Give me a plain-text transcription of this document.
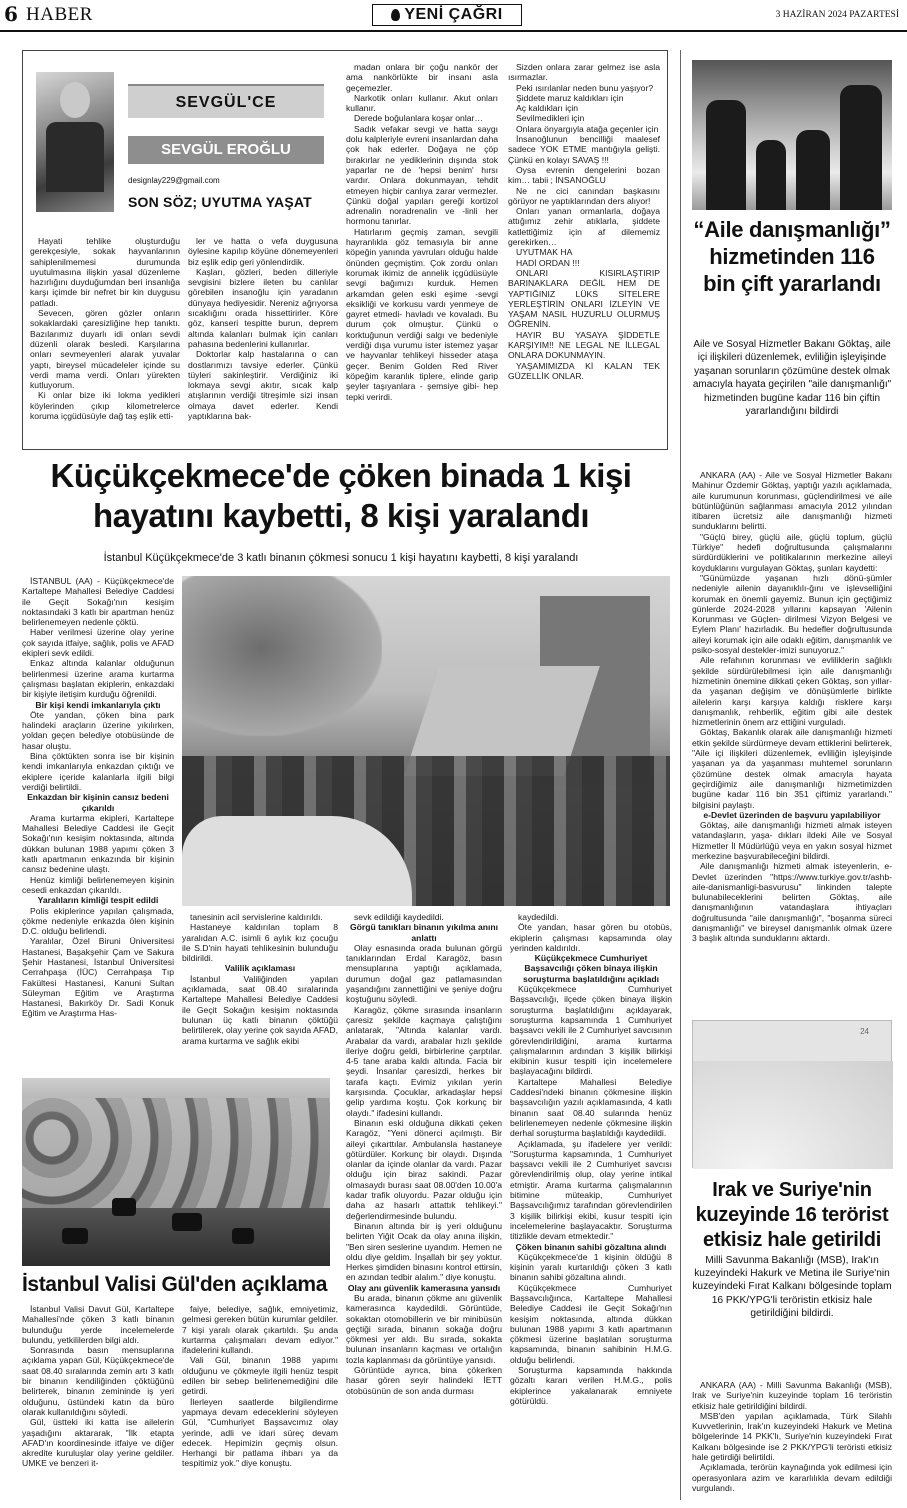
6 HABER	YENİ ÇAĞRI	3 HAZİRAN 2024 PAZARTESİ
SEVGÜL'CE
SEVGÜL EROĞLU
designlay229@gmail.com
SON SÖZ; UYUTMA YAŞAT

Hayati tehlike oluşturduğu gerekçesiyle, sokak hayvanlarının sahiplenilmemesi durumunda uyutulmasına ilişkin yasal düzenleme hazırlığını duyduğumdan beri insanlığa karşı içimde bir nefret bir kin duygusu patladı.

Sevecen, gören gözler onların sokaklardaki çaresizliğine hep tanıktı. Bazılarımız duyarlı idi onları sevdi düzenli olarak besledi. Karşılarına onları sevmeyenleri alarak yuvalar yaptı, bireysel mücadeleler içinde su verdi mama verdi. Onları yürekten kutluyorum.

Ki onlar bize iki lokma yedikleri köylerinden çıkıp kilometrelerce koruma içgüdüsüyle dağ taş eşlik etti-

ler ve hatta o vefa duygusuna öylesine kapılıp köyüne dönemeyenleri biz eşlik edip geri yönlendirdik.

Kaşları, gözleri, beden dilleriyle sevgisini bizlere ileten bu canlılar görebilen insanoğlu için yaradanın dünyaya hediyesidir. Nereniz ağrıyorsa sıcaklığını orada hissettirirler. Köre göz, kanseri tespitte burun, deprem altında kalanları bulmak için canları pahasına bedenlerini kullanırlar.

Doktorlar kalp hastalarına o can dostlarımızı tavsiye ederler. Çünkü tüyleri sakinleştirir. Verdiğiniz iki lokmaya sevgi akıtır, sıcak kalp atışlarının verdiği titreşimle sizi insan olmaya davet ederler. Kendi yaptıklarına bak-

madan onlara bir çoğu nankör der ama nankörlükte bir insanı asla geçemezler.

Narkotik onları kullanır. Akut onları kullanır.

Derede boğulanlara koşar onlar…

Sadık vefakar sevgi ve hatta saygı dolu kalpleriyle evreni insanlardan daha çok hak ederler. Doğaya ne çöp bırakırlar ne yediklerinin dışında stok yaparlar ne de 'hepsi benim' hırsı vardır. Onlara dokunmayan, tehdit etmeyen hiçbir canlıya zarar vermezler. Çünkü doğal yapıları gereği kortizol adrenalin noradrenalin ve -linli her hormonu tanırlar.

Hatırlarım geçmiş zaman, sevgili hayranlıkla göz temasıyla bir anne köpeğin yanında yavruları olduğu halde önünden geçmiştim. Çok zordu onları korumak ikimiz de annelik içgüdüsüyle sevgi bağımızı kurduk. Hemen arkamdan gelen eski eşime -sevgi eksikliği ve korkusu vardı yenmeye de gayret etmedi- havladı ve kovaladı. Bu durum çok olmuştur. Çünkü o korktuğunun verdiği salgı ve bedeniyle verdiği dışa vurumu ister istemez yaşar ve hayvanlar tehlikeyi hisseder ataşa geçer. Benim Golden Red River köpeğim karanlık tiplere, elinde garip şeyler taşıyanlara - şemsiye gibi- hep tepki verirdi.

Sizden onlara zarar gelmez ise asla ısırmazlar.

Peki ısırılanlar neden bunu yaşıyor?

Şiddete maruz kaldıkları için

Aç kaldıkları için

Sevilmedikleri için

Onlara önyargıyla atağa geçenler için

İnsanoğlunun bencilliği maalesef sadece YOK ETME mantığıyla gelişti. Çünkü en kolayı SAVAŞ !!!

Oysa evrenin dengelerini bozan kim… tabii ; İNSANOĞLU

Ne ne cici canından başkasını görüyor ne yaptıklarından ders alıyor!

Onları yanan ormanlarla, doğaya attığımız zehir atıklarla, şiddete katlettiğimiz için af dilememiz gerekirken…

UYUTMAK HA

HADİ ORDAN !!!

ONLARI KISIRLAŞTIRIP BARINAKLARA DEĞİL HEM DE YAPTIĞINIZ LÜKS SİTELERE YERLEŞTİRİN ONLARI İZLEYİN VE YAŞAM NASIL HUZURLU OLURMUŞ ÖĞRENİN.

HAYIR BU YASAYA ŞİDDETLE KARŞIYIM!! NE LEGAL NE İLLEGAL ONLARA DOKUNMAYIN.

YAŞAMIMIZDA Kİ KALAN TEK GÜZELLİK ONLAR.

Küçükçekmece'de çöken binada 1 kişi hayatını kaybetti, 8 kişi yaralandı
İstanbul Küçükçekmece'de 3 katlı binanın çökmesi sonucu 1 kişi hayatını kaybetti, 8 kişi yaralandı

İSTANBUL (AA) - Küçükçekmece'de Kartaltepe Mahallesi Belediye Caddesi ile Geçit Sokağı'nın kesişim noktasındaki 3 katlı bir apartman henüz belirlenemeyen nedenle çöktü.

Haber verilmesi üzerine olay yerine çok sayıda itfaiye, sağlık, polis ve AFAD ekipleri sevk edildi.

Enkaz altında kalanlar olduğunun belirlenmesi üzerine arama kurtarma çalışması başlatan ekiplerin, enkazdaki bir kişiyle iletişim kurduğu öğrenildi.

Bir kişi kendi imkanlarıyla çıktı

Öte yandan, çöken bina park halindeki araçların üzerine yıkılırken, yoldan geçen belediye otobüsünde de hasar oluştu.

Bina çöktükten sonra ise bir kişinin kendi imkanlarıyla enkazdan çıktığı ve ekiplere içeride kalanlarla ilgili bilgi verdiği belirtildi.

Enkazdan bir kişinin cansız bedeni çıkarıldı

Arama kurtarma ekipleri, Kartaltepe Mahallesi Belediye Caddesi ile Geçit Sokağı'nın kesişim noktasında, altında dükkan bulunan 1988 yapımı çöken 3 katlı apartmanın enkazında bir kişinin cansız bedenine ulaştı.

Henüz kimliği belirlenemeyen kişinin cesedi enkazdan çıkarıldı.

Yaralıların kimliği tespit edildi

Polis ekiplerince yapılan çalışmada, çökme nedeniyle enkazda ölen kişinin D.C. olduğu belirlendi.

Yaralılar, Özel Biruni Üniversitesi Hastanesi, Başakşehir Çam ve Sakura Şehir Hastanesi, İstanbul Üniversitesi Cerrahpaşa (İÜC) Cerrahpaşa Tıp Fakültesi Hastanesi, Kanuni Sultan Süleyman Eğitim ve Araştırma Hastanesi, Bakırköy Dr. Sadi Konuk Eğitim ve Araştırma Has-

tanesinin acil servislerine kaldırıldı.

Hastaneye kaldırılan toplam 8 yaralıdan A.C. isimli 6 aylık kız çocuğu ile S.D'nin hayati tehlikesinin bulunduğu bildirildi.

Valilik açıklaması

İstanbul Valiliğinden yapılan açıklamada, saat 08.40 sıralarında Kartaltepe Mahallesi Belediye Caddesi ile Geçit Sokağın kesişim noktasında bulunan üç katlı binanın çöktüğü belirtilerek, olay yerine çok sayıda AFAD, arama kurtarma ve sağlık ekibi

sevk edildiği kaydedildi.

Görgü tanıkları binanın yıkılma anını anlattı

Olay esnasında orada bulunan görgü tanıklarından Erdal Karagöz, basın mensuplarına yaptığı açıklamada, durumun doğal gaz patlamasından yaşandığını zannettiğini ve şeniye doğru koştuğunu söyledi.

Karagöz, çökme sırasında insanların çaresiz şekilde kaçmaya çalıştığını anlatarak, "Altında kalanlar vardı. Arabalar da vardı, arabalar hızlı şekilde ileriye doğru geldi, birbirlerine çarptılar. 4-5 tane araba kaldı altında. Facia bir şeydi. İnsanlar çaresizdi, herkes bir tarafa kaçtı. Evimiz yıkılan yerin karşısında. Çocuklar, arkadaşlar hepsi gelip yardıma koştu. Çok korkunç bir olaydı." ifadesini kullandı.

Binanın eski olduğuna dikkati çeken Karagöz, "Yeni dönerci açılmıştı. Bir aileyi çıkarttılar. Ambulansla hastaneye götürdüler. Korkunç bir olaydı. Dışında olanlar da içinde olanlar da vardı. Pazar olduğu için biraz sakindi. Pazar olmasaydı burası saat 08.00'den 10.00'a kadar trafik oluyordu. Pazar olduğu için daha az hasarlı attattık tehlikeyi." değerlendirmesinde bulundu.

Binanın altında bir iş yeri olduğunu belirten Yiğit Ocak da olay anına ilişkin, "Ben siren seslerine uyandım. Hemen ne oldu diye geldim. İnşallah bir şey yoktur. Herkes şimdiden binasını kontrol ettirsin, en azından tedbir alalım." diye konuştu.

Olay anı güvenlik kamerasına yansıdı

Bu arada, binanın çökme anı güvenlik kamerasınca kaydedildi. Görüntüde, sokaktan otomobillerin ve bir minibüsün geçtiği sırada, binanın sokağa doğru çökmesi yer aldı. Bu sırada, sokakta bulunan insanların kaçması ve ortalığın tozla kaplanması da görüntüye yansıdı.

Görüntüde ayrıca, bina çökerken hasar gören seyir halindeki İETT otobüsünün de son anda durması

kaydedildi.

Öte yandan, hasar gören bu otobüs, ekiplerin çalışması kapsamında olay yerinden kaldırıldı.

Küçükçekmece Cumhuriyet Başsavcılığı çöken binaya ilişkin soruşturma başlatıldığını açıkladı

Küçükçekmece Cumhuriyet Başsavcılığı, ilçede çöken binaya ilişkin soruşturma başlatıldığını açıklayarak, soruşturma kapsamında 1 Cumhuriyet başsavcı vekili ile 2 Cumhuriyet savcısının görevlendirildiğini, arama kurtarma çalışmalarının ardından 3 kişilik bilirkişi ekibinin kusur tespiti için incelemelere başlayacağını bildirdi.

Kartaltepe Mahallesi Belediye Caddesi'ndeki binanın çökmesine ilişkin başsavcılığın yazılı açıklamasında, 4 katlı binanın saat 08.40 sularında henüz belirlenemeyen nedenle çökmesine ilişkin derhal soruşturma başlatıldığı kaydedildi.

Açıklamada, şu ifadelere yer verildi: "Soruşturma kapsamında, 1 Cumhuriyet başsavcı vekili ile 2 Cumhuriyet savcısı görevlendirilmiş olup, olay yerine intikal etmiştir. Arama kurtarma çalışmalarının bitimine müteakip, Cumhuriyet Başsavcılığımız tarafından görevlendirilen 3 kişilik bilirkişi ekibi, kusur tespiti için incelemelerine başlayacaktır. Soruşturma titizlikle devam etmektedir."

Çöken binanın sahibi gözaltına alındı

Küçükçekmece'de 1 kişinin öldüğü 8 kişinin yaralı kurtarıldığı çöken 3 katlı binanın sahibi gözaltına alındı.

Küçükçekmece Cumhuriyet Başsavcılığınca, Kartaltepe Mahallesi Belediye Caddesi ile Geçit Sokağı'nın kesişim noktasında, altında dükkan bulunan 1988 yapımı 3 katlı apartmanın çökmesi üzerine başlatılan soruşturma kapsamında, binanın sahibinin H.M.G. olduğu belirlendi.

Soruşturma kapsamında hakkında gözaltı kararı verilen H.M.G., polis ekiplerince yakalanarak emniyete götürüldü.

İstanbul Valisi Gül'den açıklama

İstanbul Valisi Davut Gül, Kartaltepe Mahallesi'nde çöken 3 katlı binanın bulunduğu yerde incelemelerde bulundu, yetkililerden bilgi aldı.

Sonrasında basın mensuplarına açıklama yapan Gül, Küçükçekmece'de saat 08.40 sıralarında zemin artı 3 katlı bir binanın kendiliğinden çöktüğünü belirterek, binanın zemininde iş yeri olduğunu, üstündeki katın da büro olarak kullanıldığını söyledi.

Gül, üstteki iki katta ise ailelerin yaşadığını aktararak, "İlk etapta AFAD'ın koordinesinde itfaiye ve diğer akredite kuruluşlar olay yerine geldiler. UMKE ve benzeri it-

faiye, belediye, sağlık, emniyetimiz, gelmesi gereken bütün kurumlar geldiler. 7 kişi yaralı olarak çıkartıldı. Şu anda kurtarma çalışmaları devam ediyor." ifadelerini kullandı.

Vali Gül, binanın 1988 yapımı olduğunu ve çökmeyle ilgili henüz tespit edilen bir sebep belirlenemediğini dile getirdi.

İlerleyen saatlerde bilgilendirme yapmaya devam edeceklerini söyleyen Gül, "Cumhuriyet Başsavcımız olay yerinde, adli ve idari süreç devam edecek. Hepimizin geçmiş olsun. Herhangi bir patlama ihbarı ya da tespitimiz yok." diye konuştu.

“Aile danışmanlığı” hizmetinden 116 bin çift yararlandı
Aile ve Sosyal Hizmetler Bakanı Göktaş, aile içi ilişkileri düzenlemek, evliliğin işleyişinde yaşanan sorunların çözümüne destek olmak amacıyla hayata geçirilen "aile danışmanlığı" hizmetinden bugüne kadar 116 bin çiftin yararlandığını bildirdi

ANKARA (AA) - Aile ve Sosyal Hizmetler Bakanı Mahinur Özdemir Göktaş, yaptığı yazılı açıklamada, aile kurumunun korunması, güçlendirilmesi ve aile bütünlüğünün sağlanması amacıyla 2012 yılından itibaren ücretsiz aile danışmanlığı hizmeti sunduklarını belirtti.

"Güçlü birey, güçlü aile, güçlü toplum, güçlü Türkiye" hedefi doğrultusunda çalışmalarını sürdürdüklerini ve politikalarının merkezine aileyi koyduklarını vurgulayan Göktaş, şunları kaydetti:

"Günümüzde yaşanan hızlı dönü-şümler nedeniyle ailenin dayanıklılı-ğını ve işlevselliğini korumak en önemli gayemiz. Bunun için geçtiğimiz günlerde 2024-2028 yıllarını kapsayan 'Ailenin Korunması ve Güçlen- dirilmesi Vizyon Belgesi ve Eylem Planı' hazırladık. Bu hedefler doğrultusunda aileyi korumak için aile odaklı eğitim, danışmanlık ve psiko-sosyal destekler-imizi sunuyoruz."

Aile refahının korunması ve evliliklerin sağlıklı şekilde sürdürülebilmesi için aile danışmanlığı hizmetinin önemine dikkati çeken Göktaş, son yıllar-da yaşanan değişim ve dönüşümlerle birlikte ailelerin karşı karşıya kaldığı risklere karşı danışmanlık, rehberlik, eğitim gibi aile destek hizmetlerinin önem arz ettiğini vurguladı.

Göktaş, Bakanlık olarak aile danışmanlığı hizmeti etkin şekilde sürdürmeye devam ettiklerini belirterek, "Aile içi ilişkileri düzenlemek, evliliğin işleyişinde yaşanan ya da yaşanması muhtemel sorunların çözümüne destek olmak amacıyla hayata geçirdiğimiz aile danışmanlığı hizmetimizden bugüne kadar 116 bin 351 çiftimiz yararlandı." bilgisini paylaştı.

e-Devlet üzerinden de başvuru yapılabiliyor

Göktaş, aile danışmanlığı hizmeti almak isteyen vatandaşların, yaşa- dıkları ildeki Aile ve Sosyal Hizmetler İl Müdürlüğü veya en yakın sosyal hizmet merkezine başvurabileceğini bildirdi.

Aile danışmanlığı hizmeti almak isteyenlerin, e-Devlet üzerinden "https://www.turkiye.gov.tr/ashb-aile-danismanligi-basvurusu" linkinden talepte bulunabileceklerini belirten Göktaş, aile danışmanlığının vatandaşlara ihtiyaçları doğrultusunda "aile danışmanlığı", "boşanma süreci danışmanlığı" ve bireysel danışmanlık olmak üzere 3 başlık altında sunduklarını aktardı.

24
Irak ve Suriye'nin kuzeyinde 16 terörist etkisiz hale getirildi
Milli Savunma Bakanlığı (MSB), Irak'ın kuzeyindeki Hakurk ve Metina ile Suriye'nin kuzeyindeki Fırat Kalkanı bölgesinde toplam 16 PKK/YPG'li teröristin etkisiz hale getirildiğini bildirdi.

ANKARA (AA) - Milli Savunma Bakanlığı (MSB), Irak ve Suriye'nin kuzeyinde toplam 16 teröristin etkisiz hale getirildiğini bildirdi.

MSB'den yapılan açıklamada, Türk Silahlı Kuvvetlerinin, Irak'ın kuzeyindeki Hakurk ve Metina bölgelerinde 14 PKK'lı, Suriye'nin kuzeyindeki Fırat Kalkanı bölgesinde ise 2 PKK/YPG'li teröristi etkisiz hale getirdiği belirtildi.

Açıklamada, terörün kaynağında yok edilmesi için operasyonlara azim ve kararlılıkla devam edildiği vurgulandı.
